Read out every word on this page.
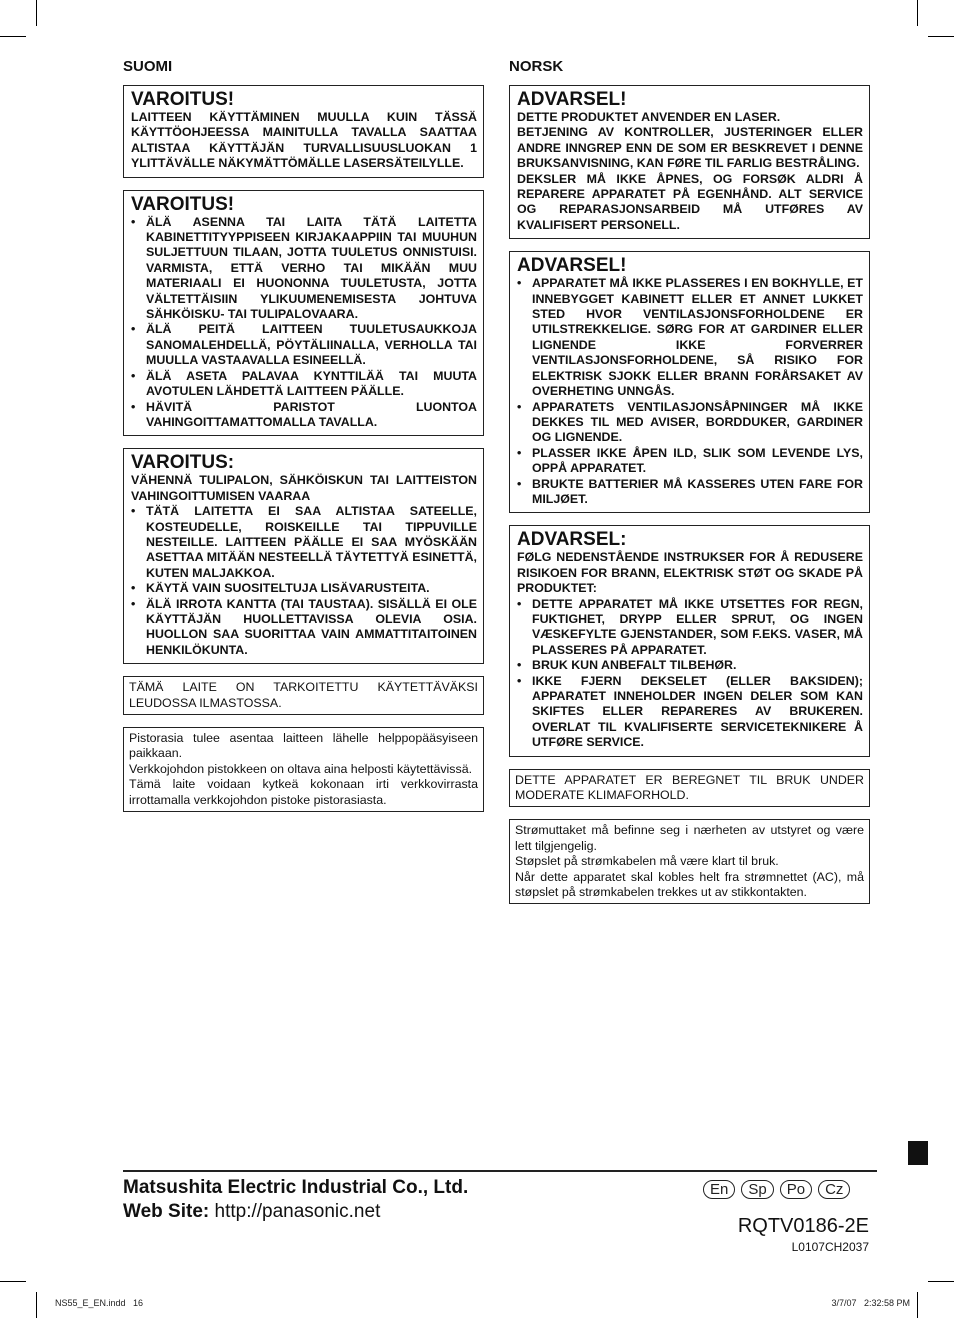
SUOMI
VAROITUS!

LAITTEEN KÄYTTÄMINEN MUULLA KUIN TÄSSÄ KÄYTTÖOHJEESSA MAINITULLA TAVALLA SAATTAA ALTISTAA KÄYTTÄJÄN TURVALLISUUSLUOKAN 1 YLITTÄVÄLLE NÄKYMÄTTÖMÄLLE LASERSÄTEILYLLE.

VAROITUS!
• ÄLÄ ASENNA TAI LAITA TÄTÄ LAITETTA KABINETTITYYPPISEEN KIRJAKAAPPIIN TAI MUUHUN SULJETTUUN TILAAN, JOTTA TUULETUS ONNISTUISI. VARMISTA, ETTÄ VERHO TAI MIKÄÄN MUU MATERIAALI EI HUONONNA TUULETUSTA, JOTTA VÄLTETTÄISIIN YLIKUUMENEMISESTA JOHTUVA SÄHKÖISKU- TAI TULIPALOVAARA.
• ÄLÄ PEITÄ LAITTEEN TUULETUSAUKKOJA SANOMALEHDELLÄ, PÖYTÄLIINALLA, VERHOLLA TAI MUULLA VASTAAVALLA ESINEELLÄ.
• ÄLÄ ASETA PALAVAA KYNTTILÄÄ TAI MUUTA AVOTULEN LÄHDETTÄ LAITTEEN PÄÄLLE.
• HÄVITÄ PARISTOT LUONTOA VAHINGOITTAMATTOMALLA TAVALLA.
VAROITUS:

VÄHENNÄ TULIPALON, SÄHKÖISKUN TAI LAITTEISTON VAHINGOITTUMISEN VAARAA

• TÄTÄ LAITETTA EI SAA ALTISTAA SATEELLE, KOSTEUDELLE, ROISKEILLE TAI TIPPUVILLE NESTEILLE. LAITTEEN PÄÄLLE EI SAA MYÖSKÄÄN ASETTAA MITÄÄN NESTEELLÄ TÄYTETTYÄ ESINETTÄ, KUTEN MALJAKKOA.
• KÄYTÄ VAIN SUOSITELTUJA LISÄVARUSTEITA.
• ÄLÄ IRROTA KANTTA (TAI TAUSTAA). SISÄLLÄ EI OLE KÄYTTÄJÄN HUOLLETTAVISSA OLEVIA OSIA. HUOLLON SAA SUORITTAA VAIN AMMATTITAITOINEN HENKILÖKUNTA.

TÄMÄ LAITE ON TARKOITETTU KÄYTETTÄVÄKSI LEUDOSSA ILMASTOSSA.

Pistorasia tulee asentaa laitteen lähelle helppopääsyiseen paikkaan.

Verkkojohdon pistokkeen on oltava aina helposti käytettävissä.

Tämä laite voidaan kytkeä kokonaan irti verkkovirrasta irrottamalla verkkojohdon pistoke pistorasiasta.

NORSK
ADVARSEL!

DETTE PRODUKTET ANVENDER EN LASER.

BETJENING AV KONTROLLER, JUSTERINGER ELLER ANDRE INNGREP ENN DE SOM ER BESKREVET I DENNE BRUKSANVISNING, KAN FØRE TIL FARLIG BESTRÅLING.

DEKSLER MÅ IKKE ÅPNES, OG FORSØK ALDRI Å REPARERE APPARATET PÅ EGENHÅND. ALT SERVICE OG REPARASJONSARBEID MÅ UTFØRES AV KVALIFISERT PERSONELL.

ADVARSEL!
• APPARATET MÅ IKKE PLASSERES I EN BOKHYLLE, ET INNEBYGGET KABINETT ELLER ET ANNET LUKKET STED HVOR VENTILASJONSFORHOLDENE ER UTILSTREKKELIGE. SØRG FOR AT GARDINER ELLER LIGNENDE IKKE FORVERRER VENTILASJONSFORHOLDENE, SÅ RISIKO FOR ELEKTRISK SJOKK ELLER BRANN FORÅRSAKET AV OVERHETING UNNGÅS.
• APPARATETS VENTILASJONSÅPNINGER MÅ IKKE DEKKES TIL MED AVISER, BORDDUKER, GARDINER OG LIGNENDE.
• PLASSER IKKE ÅPEN ILD, SLIK SOM LEVENDE LYS, OPPÅ APPARATET.
• BRUKTE BATTERIER MÅ KASSERES UTEN FARE FOR MILJØET.
ADVARSEL:

FØLG NEDENSTÅENDE INSTRUKSER FOR Å REDUSERE RISIKOEN FOR BRANN, ELEKTRISK STØT OG SKADE PÅ PRODUKTET:

• DETTE APPARATET MÅ IKKE UTSETTES FOR REGN, FUKTIGHET, DRYPP ELLER SPRUT, OG INGEN VÆSKEFYLTE GJENSTANDER, SOM F.EKS. VASER, MÅ PLASSERES PÅ APPARATET.
• BRUK KUN ANBEFALT TILBEHØR.
• IKKE FJERN DEKSELET (ELLER BAKSIDEN); APPARATET INNEHOLDER INGEN DELER SOM KAN SKIFTES ELLER REPARERES AV BRUKEREN. OVERLAT TIL KVALIFISERTE SERVICETEKNIKERE Å UTFØRE SERVICE.

DETTE APPARATET ER BEREGNET TIL BRUK UNDER MODERATE KLIMAFORHOLD.

Strømuttaket må befinne seg i nærheten av utstyret og være lett tilgjengelig.

Støpslet på strømkabelen må være klart til bruk.

Når dette apparatet skal kobles helt fra strømnettet (AC), må støpslet på strømkabelen trekkes ut av stikkontakten.

Matsushita Electric Industrial Co., Ltd.
Web Site: http://panasonic.net
En Sp Po Cz
RQTV0186-2E
L0107CH2037
NS55_E_EN.indd   16	3/7/07   2:32:58 PM
